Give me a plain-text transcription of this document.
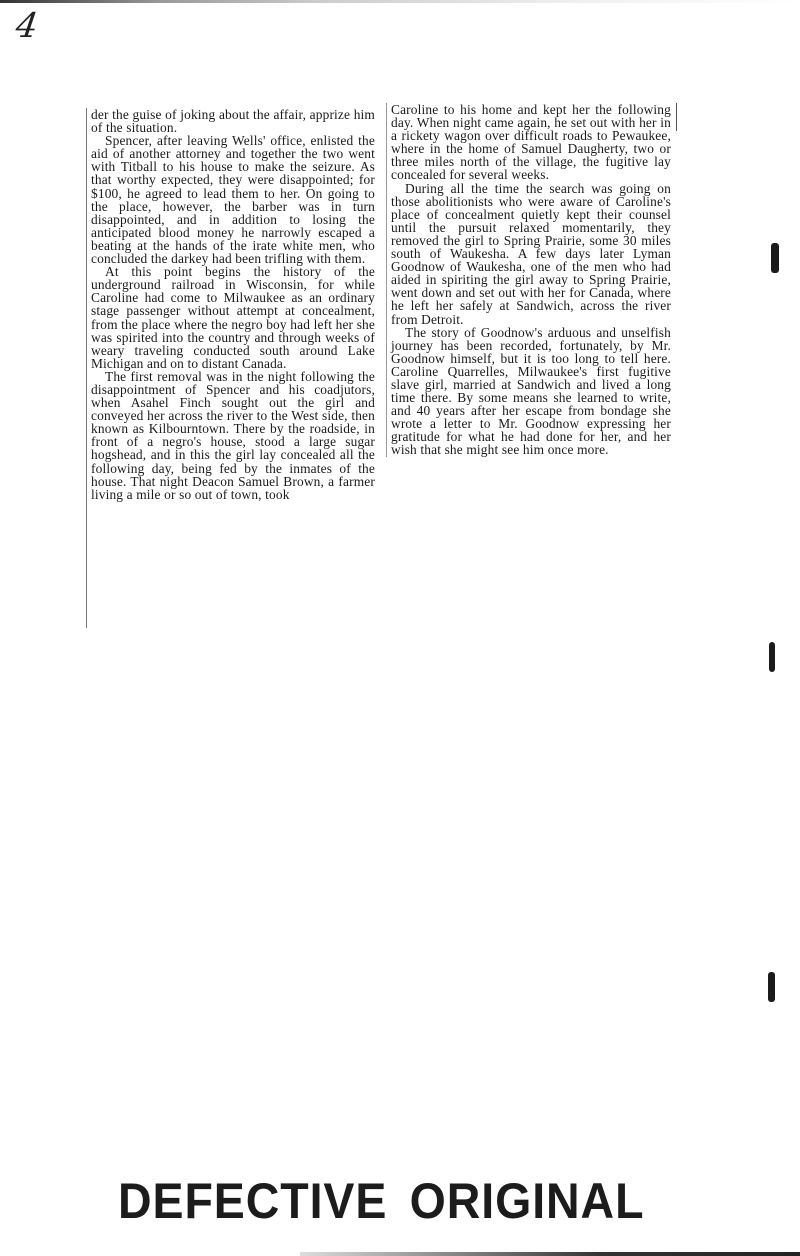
4

der the guise of joking about the affair, apprize him of the situation.

Spencer, after leaving Wells' office, enlisted the aid of another attorney and together the two went with Titball to his house to make the seizure. As that worthy expected, they were disappointed; for $100, he agreed to lead them to her. On going to the place, however, the barber was in turn disappointed, and in addition to losing the anticipated blood money he narrowly escaped a beating at the hands of the irate white men, who concluded the darkey had been trifling with them.

At this point begins the history of the underground railroad in Wisconsin, for while Caroline had come to Milwaukee as an ordinary stage passenger without attempt at concealment, from the place where the negro boy had left her she was spirited into the country and through weeks of weary traveling conducted south around Lake Michigan and on to distant Canada.

The first removal was in the night following the disappointment of Spencer and his coadjutors, when Asahel Finch sought out the girl and conveyed her across the river to the West side, then known as Kilbourntown. There by the roadside, in front of a negro's house, stood a large sugar hogshead, and in this the girl lay concealed all the following day, being fed by the inmates of the house. That night Deacon Samuel Brown, a farmer living a mile or so out of town, took

Caroline to his home and kept her the following day. When night came again, he set out with her in a rickety wagon over difficult roads to Pewaukee, where in the home of Samuel Daugherty, two or three miles north of the village, the fugitive lay concealed for several weeks.

During all the time the search was going on those abolitionists who were aware of Caroline's place of concealment quietly kept their counsel until the pursuit relaxed momentarily, they removed the girl to Spring Prairie, some 30 miles south of Waukesha. A few days later Lyman Goodnow of Waukesha, one of the men who had aided in spiriting the girl away to Spring Prairie, went down and set out with her for Canada, where he left her safely at Sandwich, across the river from Detroit.

The story of Goodnow's arduous and unselfish journey has been recorded, fortunately, by Mr. Goodnow himself, but it is too long to tell here. Caroline Quarrelles, Milwaukee's first fugitive slave girl, married at Sandwich and lived a long time there. By some means she learned to write, and 40 years after her escape from bondage she wrote a letter to Mr. Goodnow expressing her gratitude for what he had done for her, and her wish that she might see him once more.

DEFECTIVE ORIGINAL
